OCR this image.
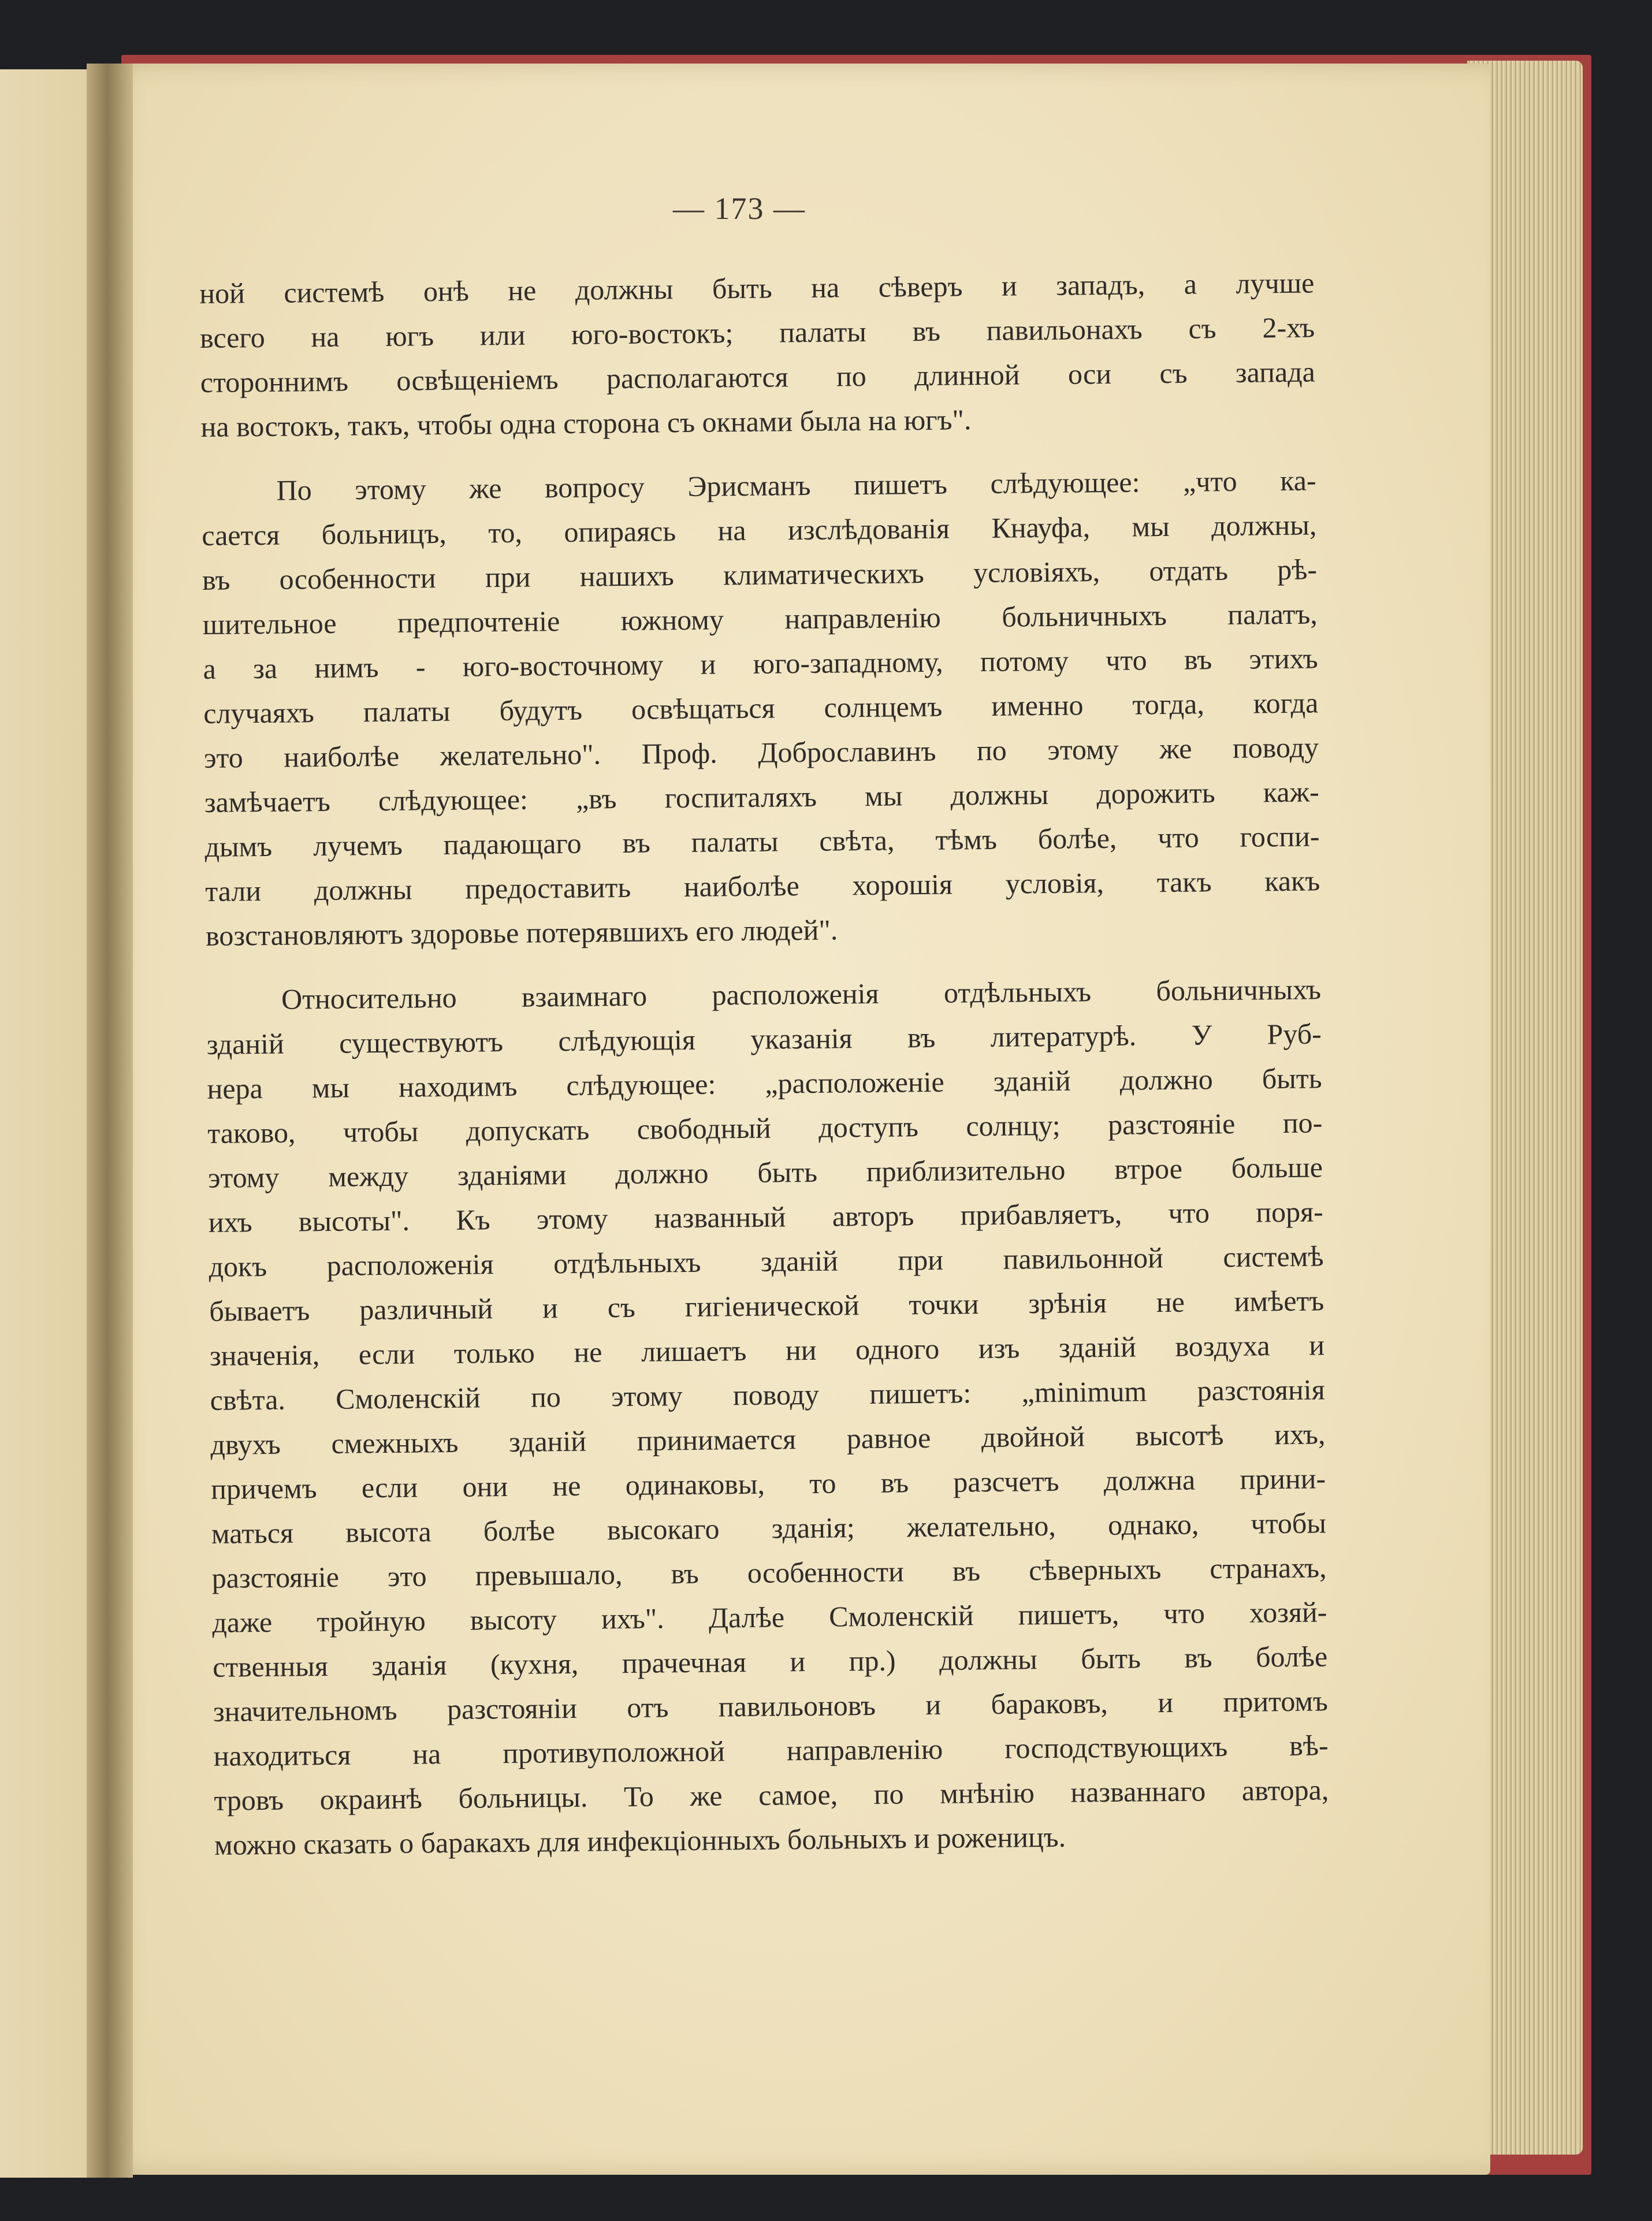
— 173 —
ной системѣ онѣ не должны быть на сѣверъ и западъ, а лучше
всего на югъ или юго-востокъ; палаты въ павильонахъ съ 2-хъ
стороннимъ освѣщеніемъ располагаются по длинной оси съ запада
на востокъ, такъ, чтобы одна сторона съ окнами была на югъ".
По этому же вопросу Эрисманъ пишетъ слѣдующее: „что ка-
сается больницъ, то, опираясь на изслѣдованія Кнауфа, мы должны,
въ особенности при нашихъ климатическихъ условіяхъ, отдать рѣ-
шительное предпочтеніе южному направленію больничныхъ палатъ,
а за нимъ - юго-восточному и юго-западному, потому что въ этихъ
случаяхъ палаты будутъ освѣщаться солнцемъ именно тогда, когда
это наиболѣе желательно". Проф. Доброславинъ по этому же поводу
замѣчаетъ слѣдующее: „въ госпиталяхъ мы должны дорожить каж-
дымъ лучемъ падающаго въ палаты свѣта, тѣмъ болѣе, что госпи-
тали должны предоставить наиболѣе хорошія условія, такъ какъ
возстановляютъ здоровье потерявшихъ его людей".
Относительно взаимнаго расположенія отдѣльныхъ больничныхъ
зданій существуютъ слѣдующія указанія въ литературѣ. У Руб-
нера мы находимъ слѣдующее: „расположеніе зданій должно быть
таково, чтобы допускать свободный доступъ солнцу; разстояніе по-
этому между зданіями должно быть приблизительно втрое больше
ихъ высоты". Къ этому названный авторъ прибавляетъ, что поря-
докъ расположенія отдѣльныхъ зданій при павильонной системѣ
бываетъ различный и съ гигіенической точки зрѣнія не имѣетъ
значенія, если только не лишаетъ ни одного изъ зданій воздуха и
свѣта. Смоленскій по этому поводу пишетъ: „minimum разстоянія
двухъ смежныхъ зданій принимается равное двойной высотѣ ихъ,
причемъ если они не одинаковы, то въ разсчетъ должна прини-
маться высота болѣе высокаго зданія; желательно, однако, чтобы
разстояніе это превышало, въ особенности въ сѣверныхъ странахъ,
даже тройную высоту ихъ". Далѣе Смоленскій пишетъ, что хозяй-
ственныя зданія (кухня, прачечная и пр.) должны быть въ болѣе
значительномъ разстояніи отъ павильоновъ и бараковъ, и притомъ
находиться на противуположной направленію господствующихъ вѣ-
тровъ окраинѣ больницы. То же самое, по мнѣнію названнаго автора,
можно сказать о баракахъ для инфекціонныхъ больныхъ и роженицъ.
